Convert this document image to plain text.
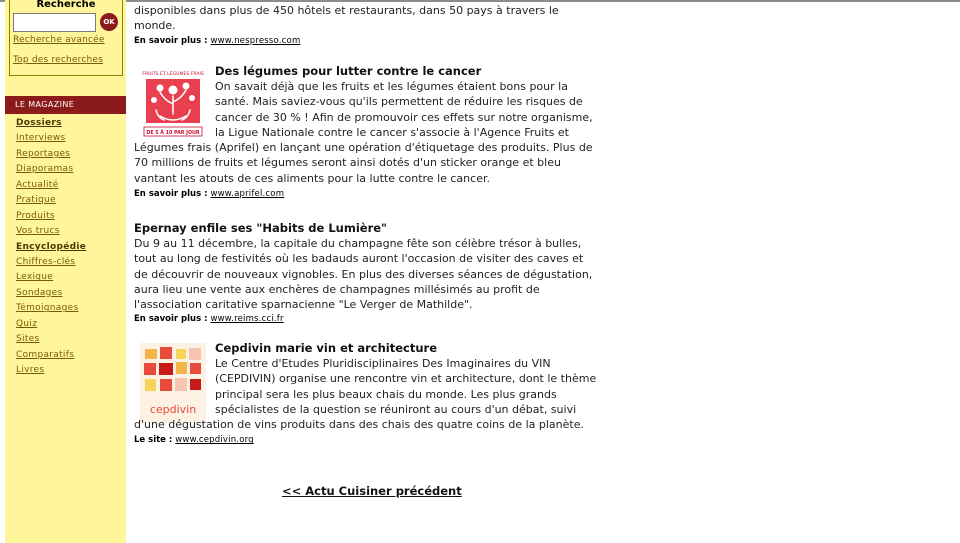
Recherche
OK
Recherche avancée
Top des recherches
LE MAGAZINE
Dossiers
Interviews
Reportages
Diaporamas
Actualité
Pratique
Produits
Vos trucs
Encyclopédie
Chiffres-clés
Lexique
Sondages
Témoignages
Quiz
Sites
Comparatifs
Livres
disponibles dans plus de 450 hôtels et restaurants, dans 50 pays à travers le
monde.
En savoir plus : www.nespresso.com
FRUITS ET LÉGUMES FRAIS
DE 5 À 10 PAR JOUR
Des légumes pour lutter contre le cancer
On savait déjà que les fruits et les légumes étaient bons pour la santé. Mais saviez-vous qu'ils permettent de réduire les risques de cancer de 30 % ! Afin de promouvoir ces effets sur notre organisme, la Ligue Nationale contre le cancer s'associe à l'Agence Fruits et Légumes frais (Aprifel) en lançant une opération d'étiquetage des produits. Plus de 70 millions de fruits et légumes seront ainsi dotés d'un sticker orange et bleu vantant les atouts de ces aliments pour la lutte contre le cancer.
En savoir plus : www.aprifel.com
Epernay enfile ses "Habits de Lumière"
Du 9 au 11 décembre, la capitale du champagne fête son célèbre trésor à bulles, tout au long de festivités où les badauds auront l'occasion de visiter des caves et de découvrir de nouveaux vignobles. En plus des diverses séances de dégustation, aura lieu une vente aux enchères de champagnes millésimés au profit de l'association caritative sparnacienne "Le Verger de Mathilde".
En savoir plus : www.reims.cci.fr
cepdivin
Cepdivin marie vin et architecture
Le Centre d'Etudes Pluridisciplinaires Des Imaginaires du VIN (CEPDIVIN) organise une rencontre vin et architecture, dont le thème principal sera les plus beaux chais du monde. Les plus grands spécialistes de la question se réuniront au cours d'un débat, suivi d'une dégustation de vins produits dans des chais des quatre coins de la planète.
Le site : www.cepdivin.org
<< Actu Cuisiner précédent
